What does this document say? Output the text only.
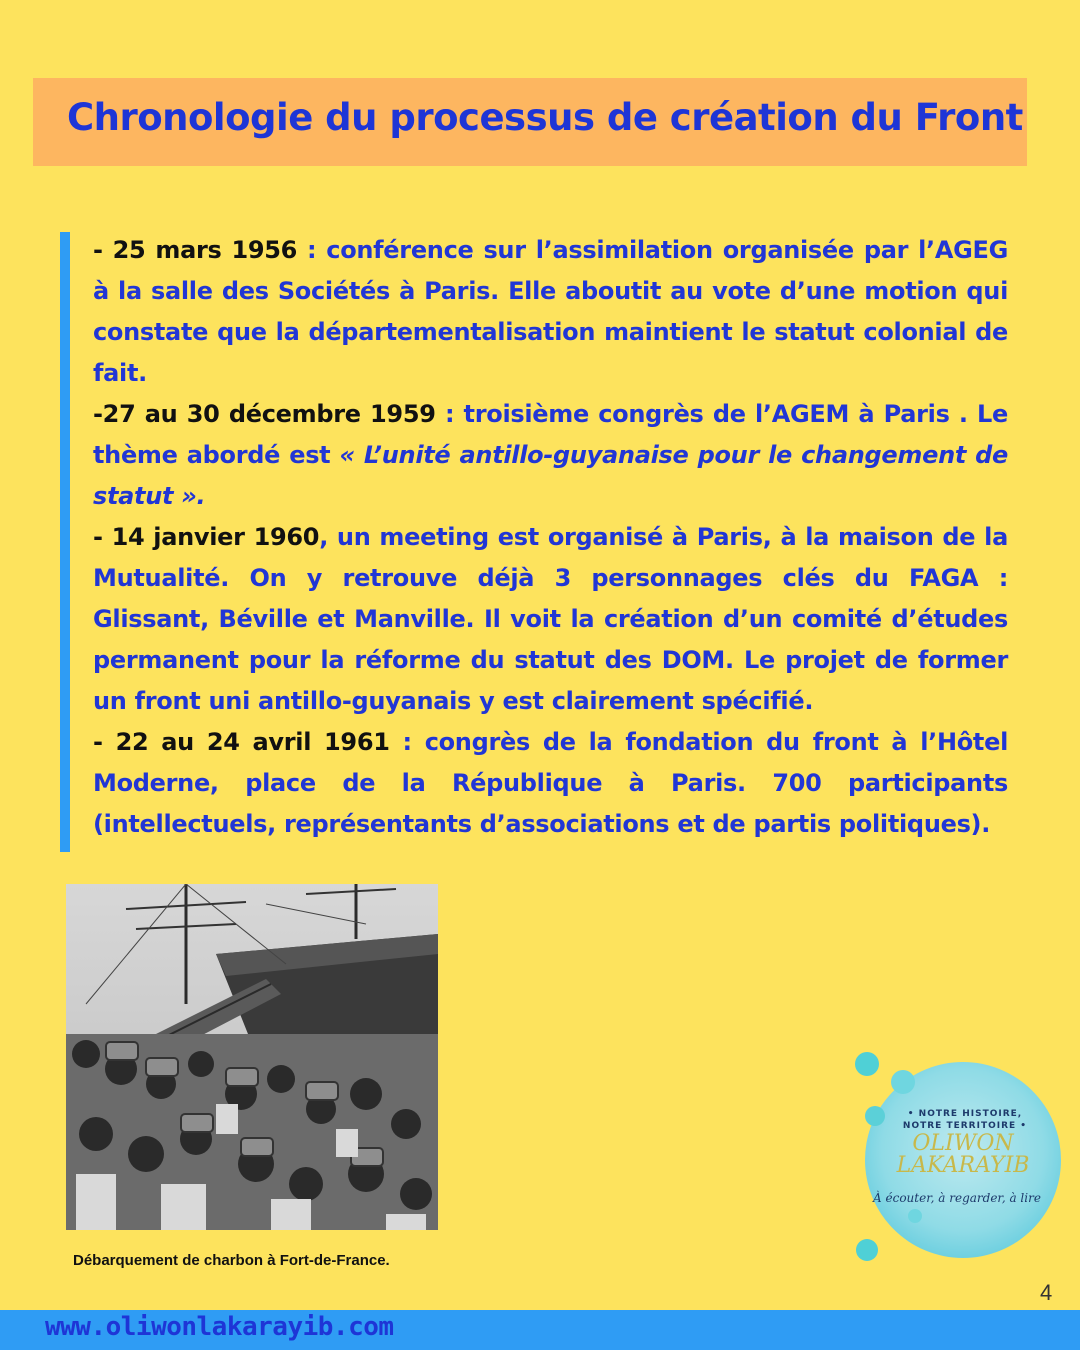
Chronologie du processus de création du Front

- 25 mars 1956 : conférence sur l’assimilation organisée par l’AGEG à la salle des Sociétés à Paris. Elle aboutit au vote d’une motion qui constate que la départementalisation maintient le statut colonial de fait.

-27 au 30 décembre 1959 : troisième congrès de l’AGEM à Paris . Le thème abordé est « L’unité antillo-guyanaise pour le changement de statut ».

- 14 janvier 1960, un meeting est organisé à Paris, à la maison de la Mutualité. On y retrouve déjà 3 personnages clés du FAGA : Glissant, Béville et Manville. Il voit la création d’un comité d’études permanent pour la réforme du statut des DOM. Le projet de former un front uni antillo-guyanais y est clairement spécifié.

- 22 au 24 avril 1961 : congrès de la fondation du front à l’Hôtel Moderne, place de la République à Paris. 700 participants (intellectuels, représentants d’associations et de partis politiques).

Débarquement de charbon à Fort-de-France.

• NOTRE HISTOIRE,
NOTRE TERRITOIRE •
OLIWON
LAKARAYIB
À écouter, à regarder, à lire
4
www.oliwonlakarayib.com
